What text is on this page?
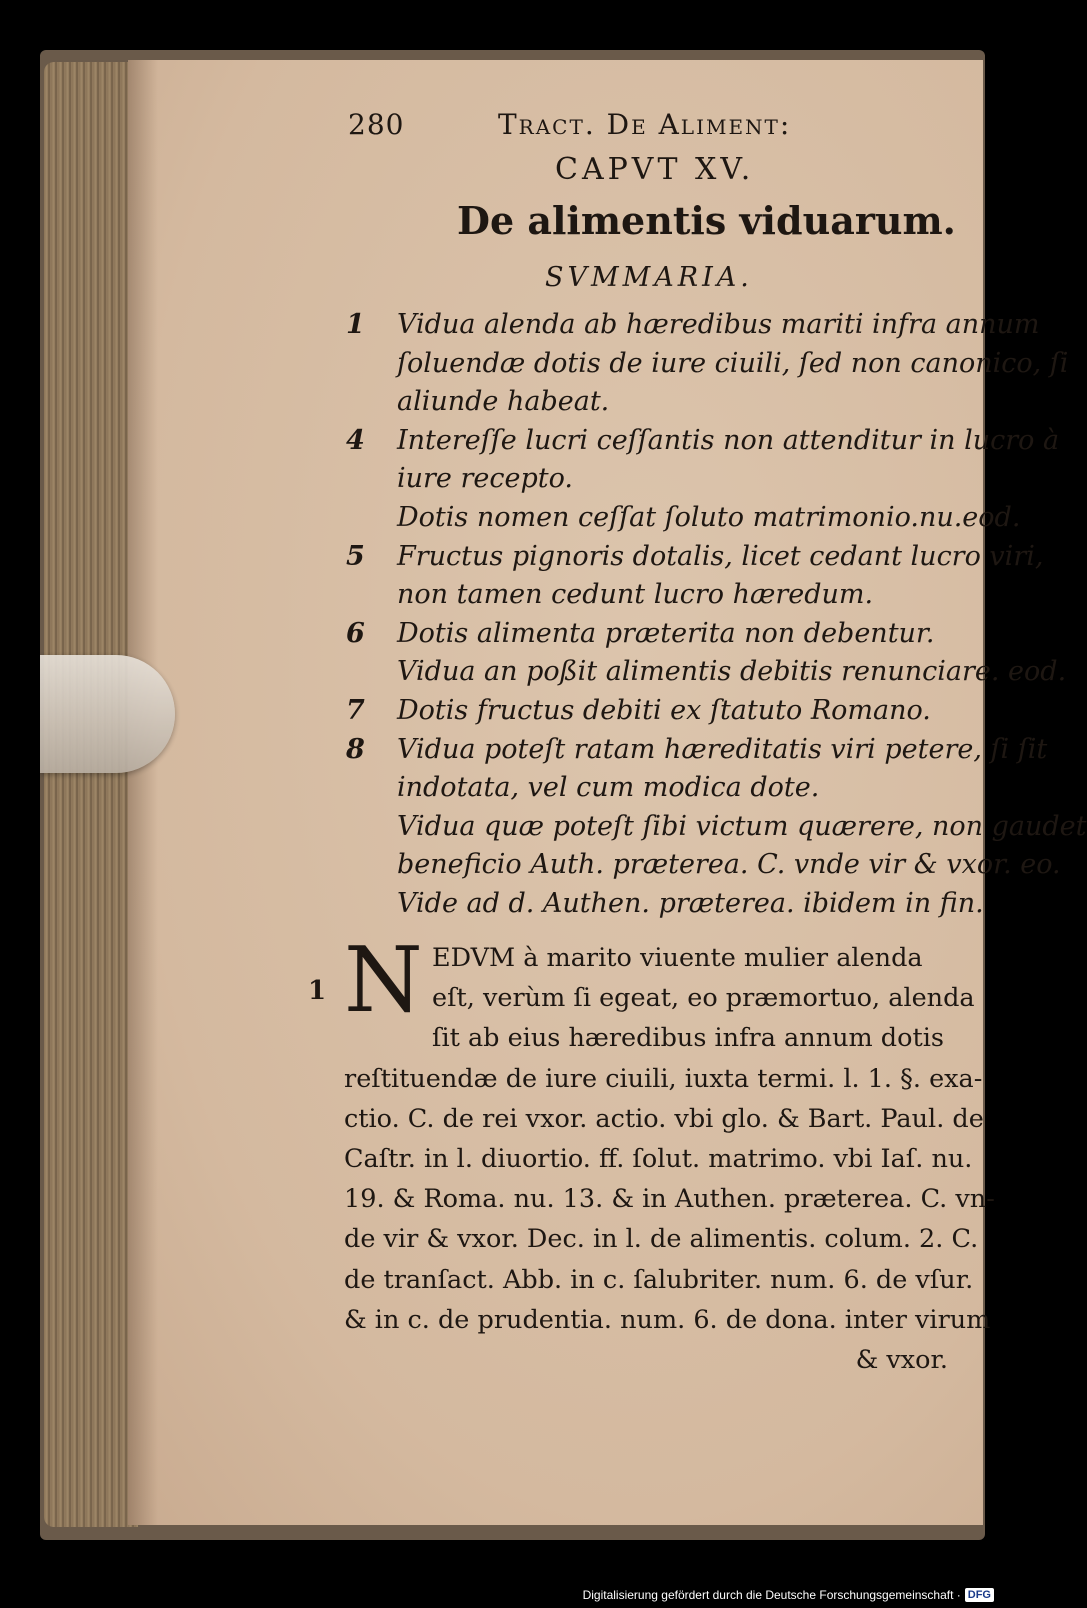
280	Tract. De Aliment:
CAPVT XV.
De alimentis viduarum.
SVMMARIA.
1 Vidua alenda ab hæredibus mariti infra annum
ſoluendæ dotis de iure ciuili, ſed non canonico, ſi
aliunde habeat.
4 Intereſſe lucri ceſſantis non attenditur in lucro à
iure recepto.
Dotis nomen ceſſat ſoluto matrimonio.nu.eod.
5 Fructus pignoris dotalis, licet cedant lucro viri,
non tamen cedunt lucro hæredum.
6 Dotis alimenta præterita non debentur.
Vidua an poßit alimentis debitis renunciare. eod.
7 Dotis fructus debiti ex ſtatuto Romano.
8 Vidua poteſt ratam hæreditatis viri petere, ſi ſit
indotata, vel cum modica dote.
Vidua quæ poteſt ſibi victum quærere, non gaudet
beneficio Auth. præterea. C. vnde vir & vxor. eo.
Vide ad d. Authen. præterea. ibidem in fin.
1 N EDVM à marito viuente mulier alenda
eſt, verùm ſi egeat, eo præmortuo, alenda
ſit ab eius hæredibus infra annum dotis
reſtituendæ de iure ciuili, iuxta termi. l. 1. §. exa-
ctio. C. de rei vxor. actio. vbi glo. & Bart. Paul. de
Caſtr. in l. diuortio. ff. ſolut. matrimo. vbi Iaſ. nu.
19. & Roma. nu. 13. & in Authen. præterea. C. vn-
de vir & vxor. Dec. in l. de alimentis. colum. 2. C.
de tranſact. Abb. in c. ſalubriter. num. 6. de vſur.
& in c. de prudentia. num. 6. de dona. inter virum
& vxor.
Digitalisierung gefördert durch die Deutsche Forschungsgemeinschaft · DFG
